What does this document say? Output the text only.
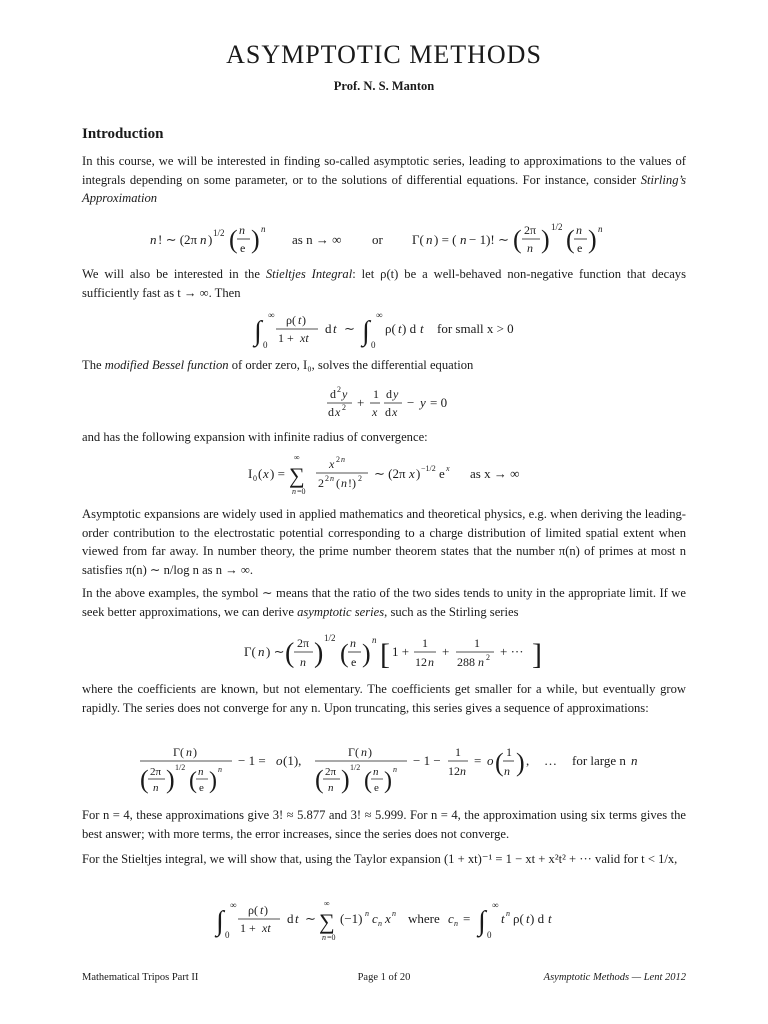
ASYMPTOTIC METHODS
Prof. N. S. Manton
Introduction
In this course, we will be interested in finding so-called asymptotic series, leading to approximations to the values of integrals depending on some parameter, or to the solutions of differential equations. For instance, consider Stirling’s Approximation
n ! ∼ (2π n ) 1/2 ( n
e ) n
as n → ∞ or Γ( n ) = ( n − 1)! ∼ ( 2π
n ) 1/2 ( n
e ) n
We will also be interested in the Stieltjes Integral: let ρ(t) be a well-behaved non-negative function that decays sufficiently fast as t → ∞. Then
∫
∞
0
ρ( t )
1 + xt
d t ∼ ∫
∞
0
ρ( t ) d t for small x > 0
The modified Bessel function of order zero, I₀, solves the differential equation
d 2 y
d x 2 +
1
x
d y
d x
− y = 0
and has the following expansion with infinite radius of convergence:
I 0 ( x ) =
∞
∑
n =0
x 2 n
2 2 n ( n !) 2 ∼ (2π x ) −1/2 e x as x → ∞
Asymptotic expansions are widely used in applied mathematics and theoretical physics, e.g. when deriving the leading-order contribution to the electrostatic potential corresponding to a charge distribution of limited spatial extent when viewed from far away. In number theory, the prime number theorem states that the number π(n) of primes at most n satisfies π(n) ∼ n/log n as n → ∞.
In the above examples, the symbol ∼ means that the ratio of the two sides tends to unity in the appropriate limit. If we seek better approximations, we can derive asymptotic series, such as the Stirling series
Γ( n ) ∼ ( 2π
n ) 1/2
( n
e ) n [ 1 +
1
12 n
+
1
288 n 2 + ··· ]
where the coefficients are known, but not elementary. The coefficients get smaller for a while, but eventually grow rapidly. The series does not converge for any n. Upon truncating, this series gives a sequence of approximations:
Γ( n )
( 2π
n ) 1/2
( n
e ) n
− 1 = o (1),
Γ( n )
( 2π
n ) 1/2
( n
e ) n
− 1 −
1
12 n
= o ( 1
n ) , … for large n n
For n = 4, these approximations give 3! ≈ 5.877 and 3! ≈ 5.999. For n = 4, the approximation using six terms gives the best answer; with more terms, the error increases, since the series does not converge.
For the Stieltjes integral, we will show that, using the Taylor expansion (1 + xt)⁻¹ = 1 − xt + x²t² + ··· valid for t < 1/x,
∫
∞
0
ρ( t )
1 + xt
d t ∼
∞
∑
n =0
(−1) n c n x n where c n = ∫
∞
0
t n ρ( t ) d t
Mathematical Tripos Part II	Page 1 of 20	Asymptotic Methods — Lent 2012
